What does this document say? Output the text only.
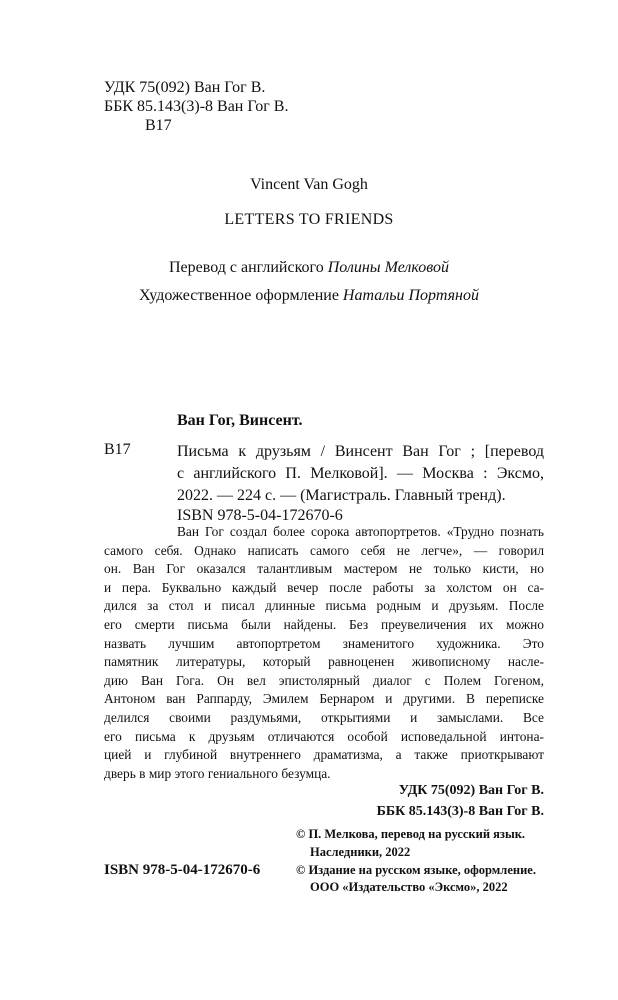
УДК 75(092) Ван Гог В.
ББК 85.143(3)-8 Ван Гог В.
В17
Vincent Van Gogh
LETTERS TO FRIENDS
Перевод с английского Полины Мелковой
Художественное оформление Натальи Портяной
Ван Гог, Винсент.
В17	Письма к друзьям / Винсент Ван Гог ; [перевод
с английского П. Мелковой]. — Москва : Эксмо,
2022. — 224 с. — (Магистраль. Главный тренд).
ISBN 978-5-04-172670-6
Ван Гог создал более сорока автопортретов. «Трудно познать
самого себя. Однако написать самого себя не легче», — говорил
он. Ван Гог оказался талантливым мастером не только кисти, но
и пера. Буквально каждый вечер после работы за холстом он са-
дился за стол и писал длинные письма родным и друзьям. После
его смерти письма были найдены. Без преувеличения их можно
назвать лучшим автопортретом знаменитого художника. Это
памятник литературы, который равноценен живописному насле-
дию Ван Гога. Он вел эпистолярный диалог с Полем Гогеном,
Антоном ван Раппарду, Эмилем Бернаром и другими. В переписке
делился своими раздумьями, открытиями и замыслами. Все
его письма к друзьям отличаются особой исповедальной интона-
цией и глубиной внутреннего драматизма, а также приоткрывают
дверь в мир этого гениального безумца.
УДК 75(092) Ван Гог В.
ББК 85.143(3)-8 Ван Гог В.
© П. Мелкова, перевод на русский язык.
Наследники, 2022
© Издание на русском языке, оформление.
ООО «Издательство «Эксмо», 2022
ISBN 978-5-04-172670-6
